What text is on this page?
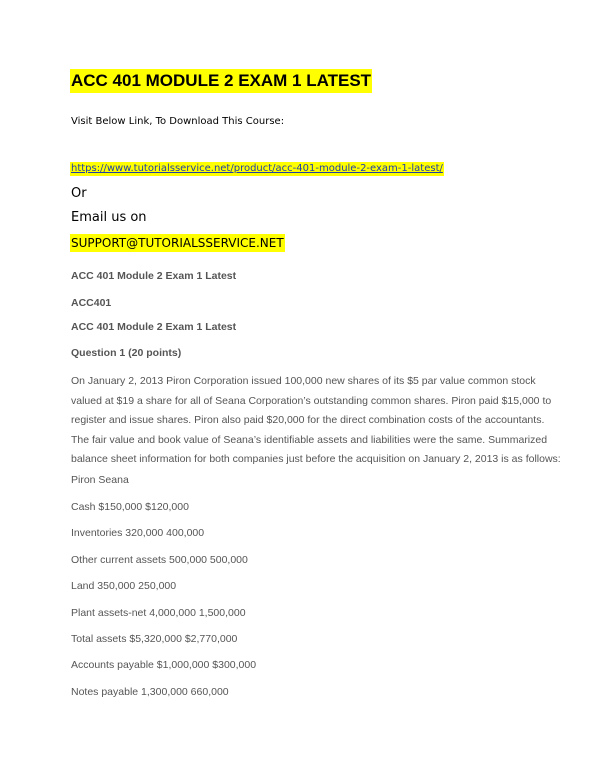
ACC 401 MODULE 2 EXAM 1 LATEST
Visit Below Link, To Download This Course:
https://www.tutorialsservice.net/product/acc-401-module-2-exam-1-latest/
Or
Email us on
SUPPORT@TUTORIALSSERVICE.NET
ACC 401 Module 2 Exam 1 Latest
ACC401
ACC 401 Module 2 Exam 1 Latest
Question 1 (20 points)
On January 2, 2013 Piron Corporation issued 100,000 new shares of its $5 par value common stock
valued at $19 a share for all of Seana Corporation’s outstanding common shares. Piron paid $15,000 to
register and issue shares. Piron also paid $20,000 for the direct combination costs of the accountants.
The fair value and book value of Seana’s identifiable assets and liabilities were the same. Summarized
balance sheet information for both companies just before the acquisition on January 2, 2013 is as follows:
Piron Seana
Cash $150,000 $120,000
Inventories 320,000 400,000
Other current assets 500,000 500,000
Land 350,000 250,000
Plant assets-net 4,000,000 1,500,000
Total assets $5,320,000 $2,770,000
Accounts payable $1,000,000 $300,000
Notes payable 1,300,000 660,000
